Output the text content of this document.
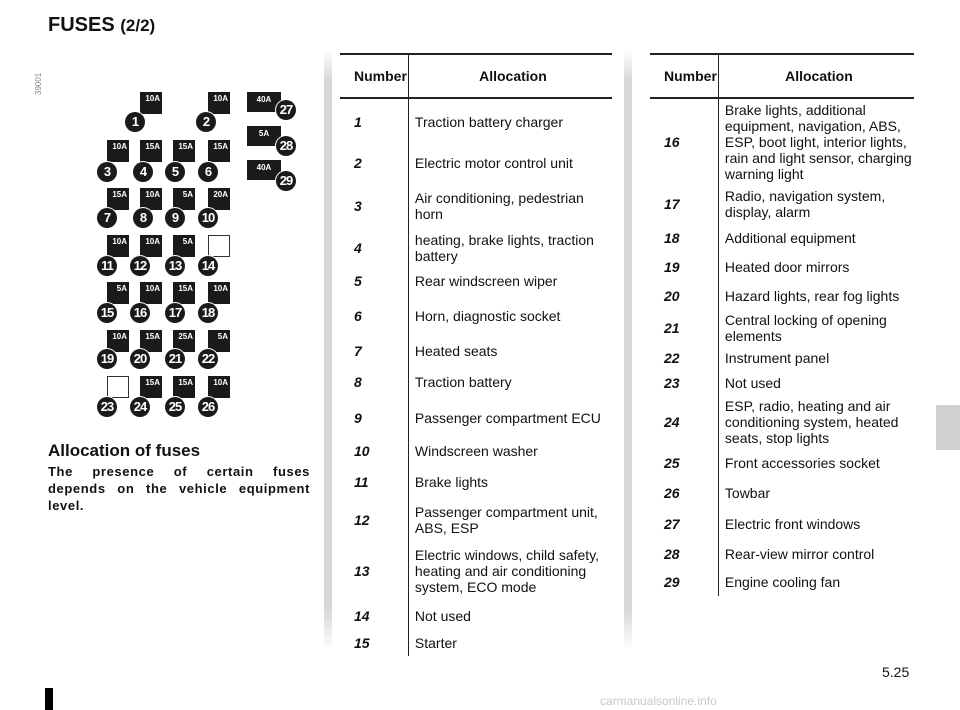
FUSES (2/2)
39001
10A
1
10A
2
10A
3
15A
4
15A
5
15A
6
15A
7
10A
8
5A
9
20A
10
10A
11
10A
12
5A
13 14
5A
15
10A
16
15A
17
10A
18
10A
19
15A
20
25A
21
5A
22
23
15A
24
15A
25
10A
26
40A
27
5A
28
40A
29
Allocation of fuses
The presence of certain fuses depends on the vehicle equipment level.
Number	Allocation
1	Traction battery charger
2	Electric motor control unit
3	Air conditioning, pedestrian horn
4	heating, brake lights, traction battery
5	Rear windscreen wiper
6	Horn, diagnostic socket
7	Heated seats
8	Traction battery
9	Passenger compartment ECU
10	Windscreen washer
11	Brake lights
12	Passenger compartment unit, ABS, ESP
13	Electric windows, child safety, heating and air conditioning system, ECO mode
14	Not used
15	Starter
Number	Allocation
16	Brake lights, additional equipment, navigation, ABS, ESP, boot light, interior lights, rain and light sensor, charging warning light
17	Radio, navigation system, display, alarm
18	Additional equipment
19	Heated door mirrors
20	Hazard lights, rear fog lights
21	Central locking of opening elements
22	Instrument panel
23	Not used
24	ESP, radio, heating and air conditioning system, heated seats, stop lights
25	Front accessories socket
26	Towbar
27	Electric front windows
28	Rear-view mirror control
29	Engine cooling fan
5.25
carmanualsonline.info
